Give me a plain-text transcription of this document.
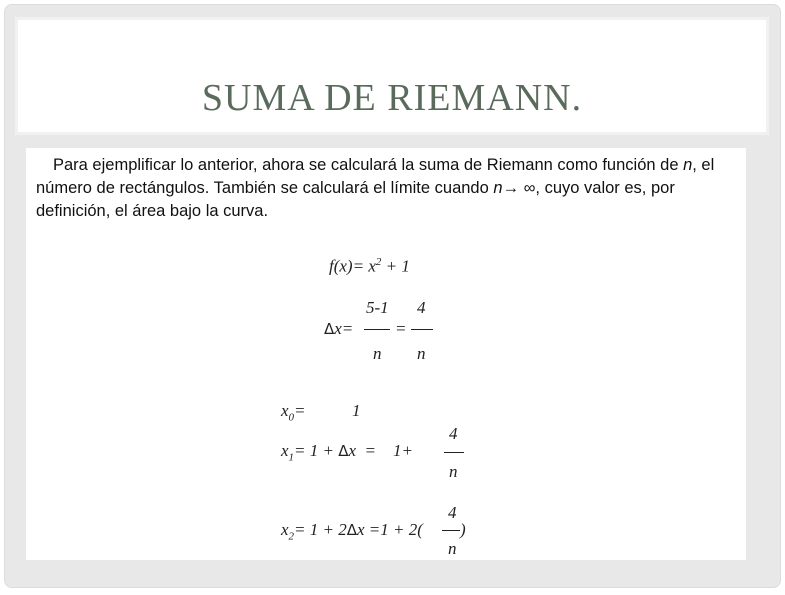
SUMA DE RIEMANN.
Para ejemplificar lo anterior, ahora se calculará la suma de Riemann como función de n, el número de rectángulos. También se calculará el límite cuando n→ ∞, cuyo valor es, por definición, el área bajo la curva.
$f(x)= x^2 + 1$
Δx=
5-1
n
=
4
n
$x_0=$	1
$x_1= 1 + \Delta x$  =    1+
4
n
4
$x_2= 1 + 2\Delta x =1 + 2$( )
n
